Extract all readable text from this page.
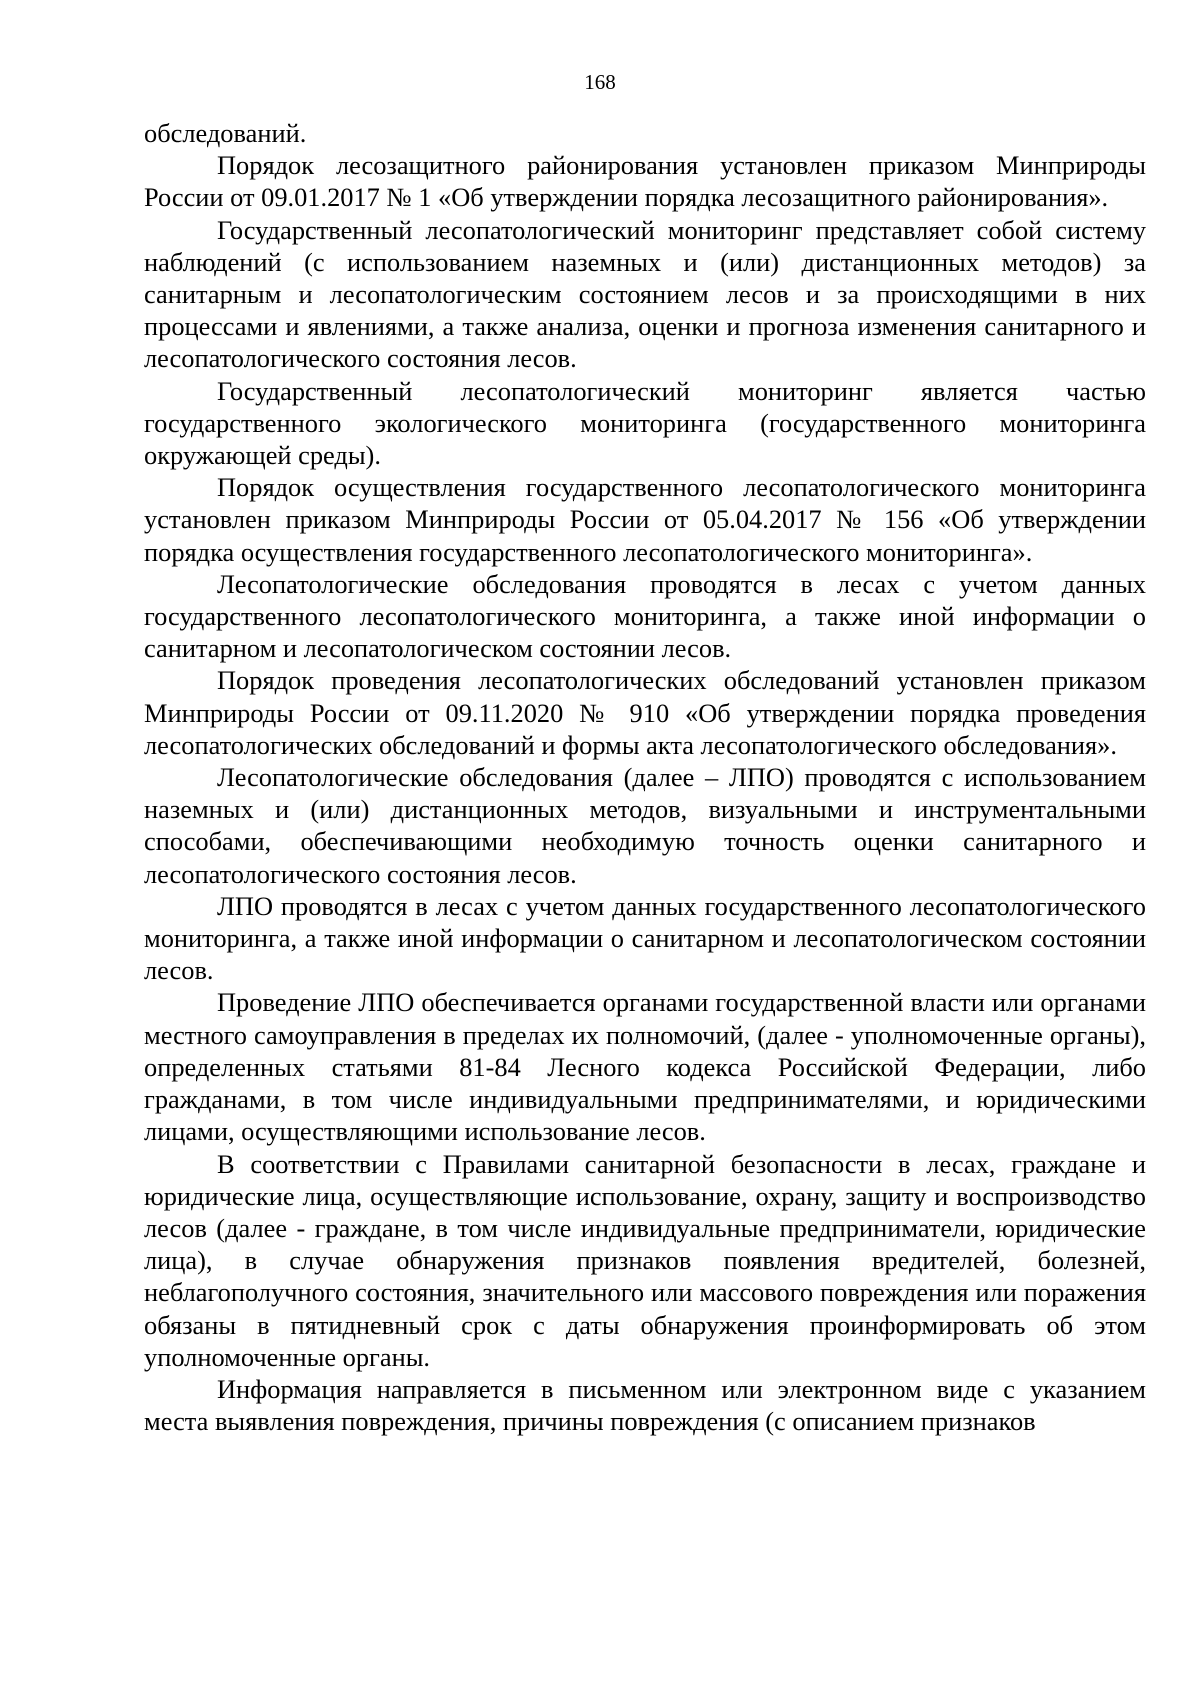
168

обследований.

Порядок лесозащитного районирования установлен приказом Минприроды России от 09.01.2017 № 1 «Об утверждении порядка лесозащитного районирования».

Государственный лесопатологический мониторинг представляет собой систему наблюдений (с использованием наземных и (или) дистанционных методов) за санитарным и лесопатологическим состоянием лесов и за происходящими в них процессами и явлениями, а также анализа, оценки и прогноза изменения санитарного и лесопатологического состояния лесов.

Государственный лесопатологический мониторинг является частью государственного экологического мониторинга (государственного мониторинга окружающей среды).

Порядок осуществления государственного лесопатологического мониторинга установлен приказом Минприроды России от 05.04.2017 № 156 «Об утверждении порядка осуществления государственного лесопатологического мониторинга».

Лесопатологические обследования проводятся в лесах с учетом данных государственного лесопатологического мониторинга, а также иной информации о санитарном и лесопатологическом состоянии лесов.

Порядок проведения лесопатологических обследований установлен приказом Минприроды России от 09.11.2020 № 910 «Об утверждении порядка проведения лесопатологических обследований и формы акта лесопатологического обследования».

Лесопатологические обследования (далее – ЛПО) проводятся с использованием наземных и (или) дистанционных методов, визуальными и инструментальными способами, обеспечивающими необходимую точность оценки санитарного и лесопатологического состояния лесов.

ЛПО проводятся в лесах с учетом данных государственного лесопатологического мониторинга, а также иной информации о санитарном и лесопатологическом состоянии лесов.

Проведение ЛПО обеспечивается органами государственной власти или органами местного самоуправления в пределах их полномочий, (далее - уполномоченные органы), определенных статьями 81-84 Лесного кодекса Российской Федерации, либо гражданами, в том числе индивидуальными предпринимателями, и юридическими лицами, осуществляющими использование лесов.

В соответствии с Правилами санитарной безопасности в лесах, граждане и юридические лица, осуществляющие использование, охрану, защиту и воспроизводство лесов (далее - граждане, в том числе индивидуальные предприниматели, юридические лица), в случае обнаружения признаков появления вредителей, болезней, неблагополучного состояния, значительного или массового повреждения или поражения обязаны в пятидневный срок с даты обнаружения проинформировать об этом уполномоченные органы.

Информация направляется в письменном или электронном виде с указанием места выявления повреждения, причины повреждения (с описанием признаков
